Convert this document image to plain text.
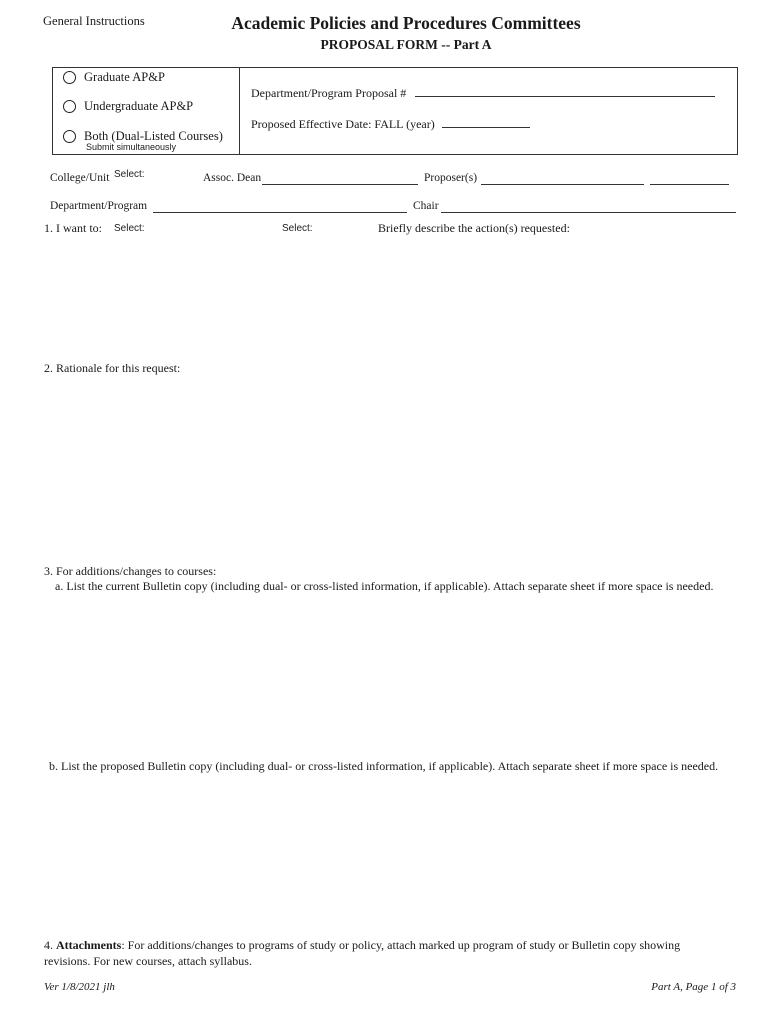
General Instructions	Academic Policies and Procedures Committees
PROPOSAL FORM -- Part A
Graduate AP&P
Undergraduate AP&P
Both (Dual-Listed Courses)
Submit simultaneously
Department/Program Proposal #
Proposed Effective Date: FALL (year)
College/Unit Select:	Assoc. Dean	Proposer(s)
Department/Program	Chair
1. I want to: Select:	Select:	Briefly describe the action(s) requested:
2. Rationale for this request:
3. For additions/changes to courses:
a. List the current Bulletin copy (including dual- or cross-listed information, if applicable). Attach separate sheet if more space is needed.
b. List the proposed Bulletin copy (including dual- or cross-listed information, if applicable). Attach separate sheet if more space is needed.
4. Attachments: For additions/changes to programs of study or policy, attach marked up program of study or Bulletin copy showing
revisions. For new courses, attach syllabus.
Ver 1/8/2021 jlh	Part A, Page 1 of 3
